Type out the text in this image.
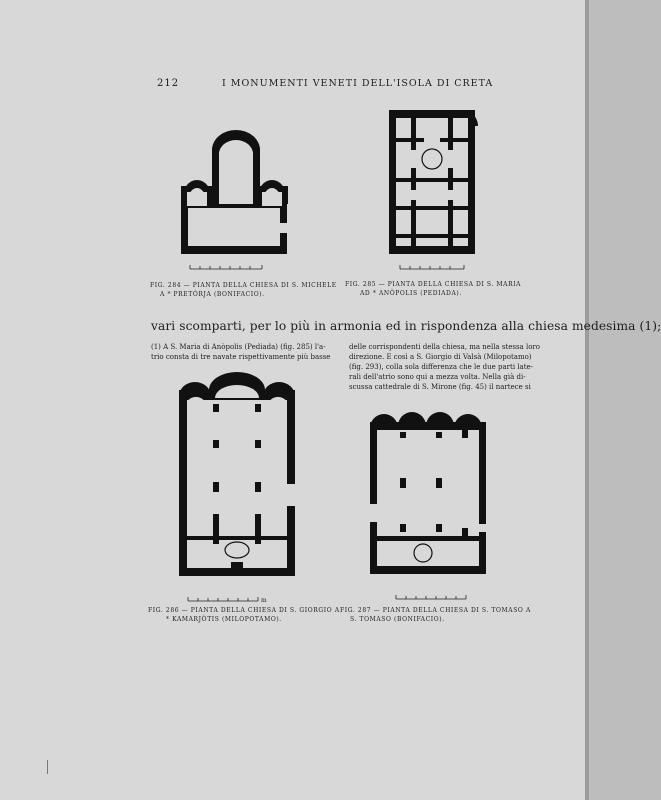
212	I MONUMENTI VENETI DELL'ISOLA DI CRETA
FIG. 284 — PIANTA DELLA CHIESA DI S. MICHELE
A * PRETÒRJA (BONIFACIO).
FIG. 285 — PIANTA DELLA CHIESA DI S. MARIA
AD * ANÒPOLIS (PEDIADA).
vari scomparti, per lo più in armonia ed in rispondenza alla chiesa medesima (1);
(1) A S. Maria di Anòpolis (Pediada) (fig. 285) l'a-
trio consta di tre navate rispettivamente più basse
delle corrispondenti della chiesa, ma nella stessa loro
direzione. E così a S. Giorgio di Valsà (Milopotamo)
(fig. 293), colla sola differenza che le due parti late-
rali dell'atrio sono qui a mezza volta. Nella già di-
scussa cattedrale di S. Mirone (fig. 45) il nartece si
m
FIG. 286 — PIANTA DELLA CHIESA DI S. GIORGIO A
* KAMARJÒTIS (MILOPOTAMO).
FIG. 287 — PIANTA DELLA CHIESA DI S. TOMASO A
S. TOMASO (BONIFACIO).
